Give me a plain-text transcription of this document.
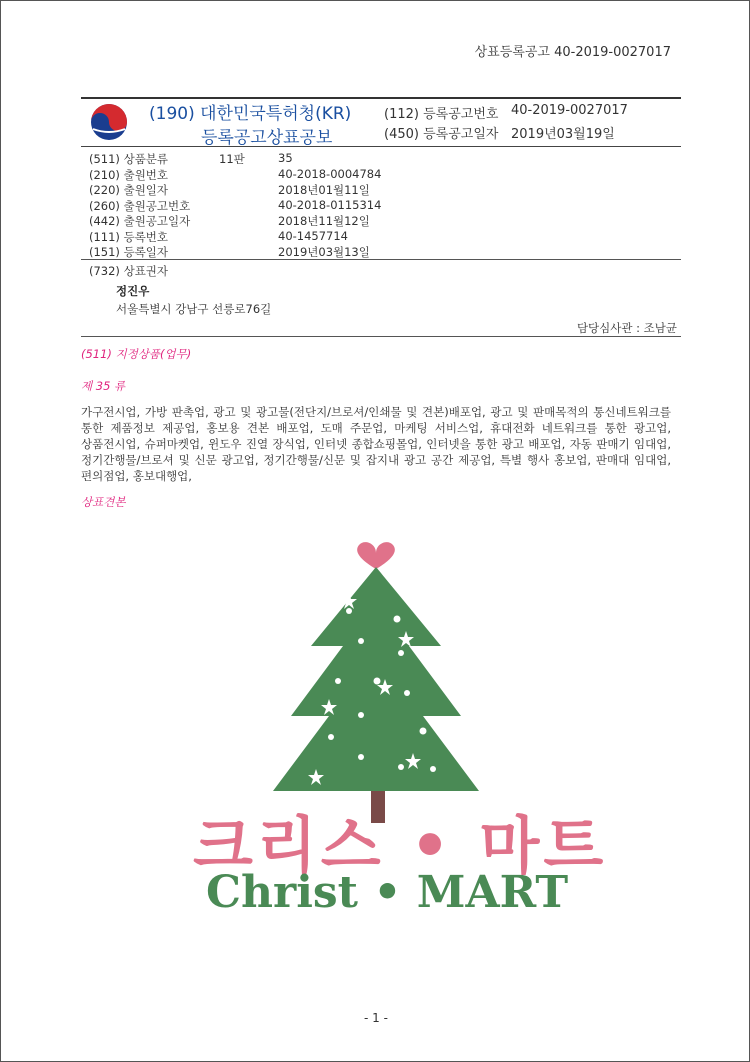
상표등록공고 40-2019-0027017
(190) 대한민국특허청(KR)
등록공고상표공보
(112) 등록공고번호 40-2019-0027017
(450) 등록공고일자 2019년03월19일
(511) 상품분류	11판	35
(210) 출원번호	40-2018-0004784
(220) 출원일자	2018년01월11일
(260) 출원공고번호	40-2018-0115314
(442) 출원공고일자	2018년11월12일
(111) 등록번호	40-1457714
(151) 등록일자	2019년03월13일
(732) 상표권자
정진우
서울특별시 강남구 선릉로76길
담당심사관 : 조남균
(511) 지정상품(업무)
제 35 류
가구전시업, 가방 판촉업, 광고 및 광고물(전단지/브로셔/인쇄물 및 견본)배포업, 광고 및 판매목적의 통신네트워크를 통한 제품정보 제공업, 홍보용 견본 배포업, 도매 주문업, 마케팅 서비스업, 휴대전화 네트워크를 통한 광고업, 상품전시업, 슈퍼마켓업, 윈도우 진열 장식업, 인터넷 종합쇼핑몰업, 인터넷을 통한 광고 배포업, 자동 판매기 임대업, 정기간행물/브로셔 및 신문 광고업, 정기간행물/신문 및 잡지내 광고 공간 제공업, 특별 행사 홍보업, 판매대 임대업, 편의점업, 홍보대행업,
상표견본
크리스 • 마트
Christ • MART
- 1 -
